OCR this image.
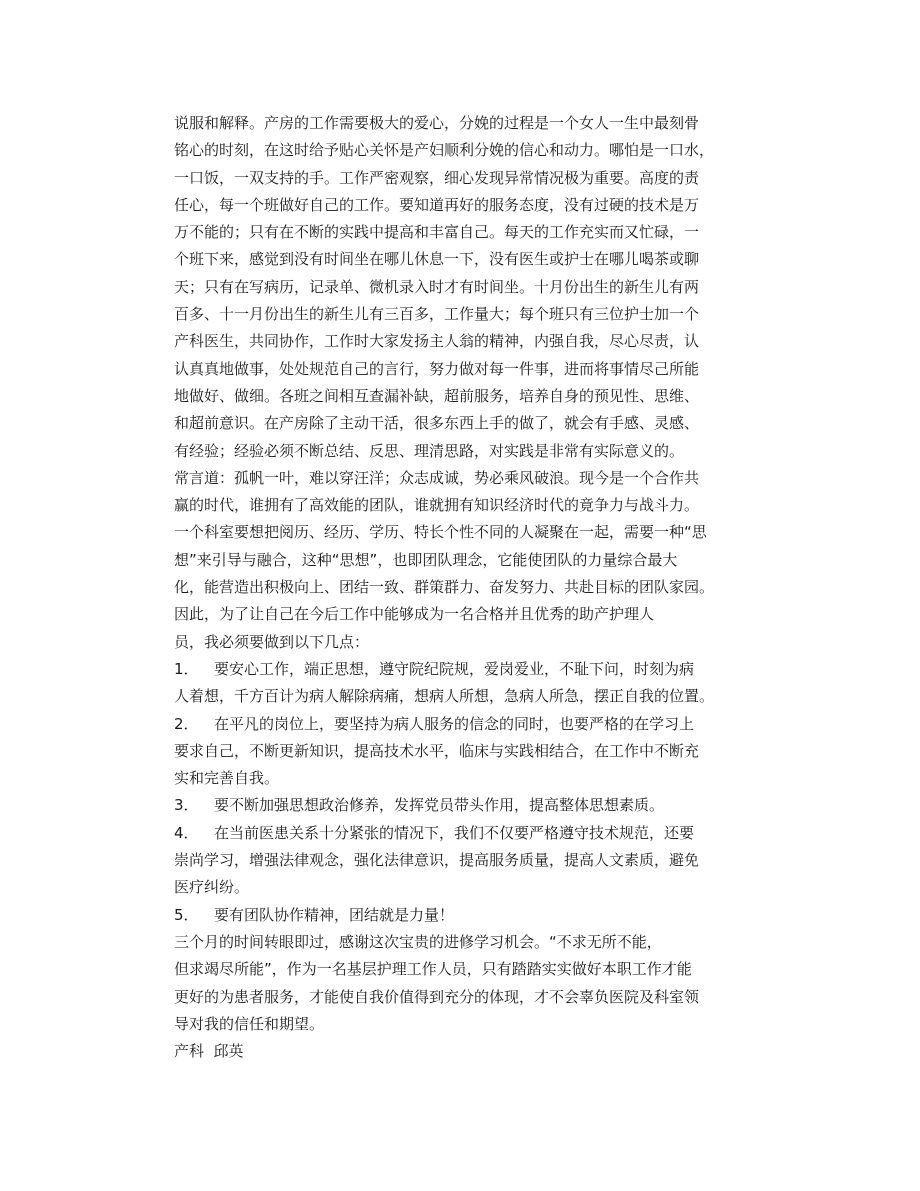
说服和解释。产房的工作需要极大的爱心，分娩的过程是一个女人一生中最刻骨
铭心的时刻，在这时给予贴心关怀是产妇顺利分娩的信心和动力。哪怕是一口水，
一口饭，一双支持的手。工作严密观察，细心发现异常情况极为重要。高度的责
任心，每一个班做好自己的工作。要知道再好的服务态度，没有过硬的技术是万
万不能的；只有在不断的实践中提高和丰富自己。每天的工作充实而又忙碌，一
个班下来，感觉到没有时间坐在哪儿休息一下，没有医生或护士在哪儿喝茶或聊
天；只有在写病历，记录单、微机录入时才有时间坐。十月份出生的新生儿有两
百多、十一月份出生的新生儿有三百多，工作量大；每个班只有三位护士加一个
产科医生，共同协作，工作时大家发扬主人翁的精神，内强自我，尽心尽责，认
认真真地做事，处处规范自己的言行，努力做对每一件事，进而将事情尽己所能
地做好、做细。各班之间相互查漏补缺，超前服务，培养自身的预见性、思维、
和超前意识。在产房除了主动干活，很多东西上手的做了，就会有手感、灵感、
有经验；经验必须不断总结、反思、理清思路，对实践是非常有实际意义的。
常言道：孤帆一叶，难以穿汪洋；众志成诚，势必乘风破浪。现今是一个合作共
赢的时代，谁拥有了高效能的团队，谁就拥有知识经济时代的竟争力与战斗力。
一个科室要想把阅历、经历、学历、特长个性不同的人凝聚在一起，需要一种“思
想”来引导与融合，这种“思想”，也即团队理念，它能使团队的力量综合最大
化，能营造出积极向上、团结一致、群策群力、奋发努力、共赴目标的团队家园。
因此，为了让自己在今后工作中能够成为一名合格并且优秀的助产护理人
员，我必须要做到以下几点：
1． 要安心工作，端正思想，遵守院纪院规，爱岗爱业，不耻下问，时刻为病
人着想，千方百计为病人解除病痛，想病人所想，急病人所急，摆正自我的位置。
2． 在平凡的岗位上，要坚持为病人服务的信念的同时，也要严格的在学习上
要求自己，不断更新知识，提高技术水平，临床与实践相结合，在工作中不断充
实和完善自我。
3． 要不断加强思想政治修养，发挥党员带头作用，提高整体思想素质。
4． 在当前医患关系十分紧张的情况下，我们不仅要严格遵守技术规范，还要
崇尚学习，增强法律观念，强化法律意识，提高服务质量，提高人文素质，避免
医疗纠纷。
5． 要有团队协作精神，团结就是力量！
三个月的时间转眼即过，感谢这次宝贵的进修学习机会。“不求无所不能，
但求竭尽所能”，作为一名基层护理工作人员，只有踏踏实实做好本职工作才能
更好的为患者服务，才能使自我价值得到充分的体现，才不会辜负医院及科室领
导对我的信任和期望。
产科  邱英
